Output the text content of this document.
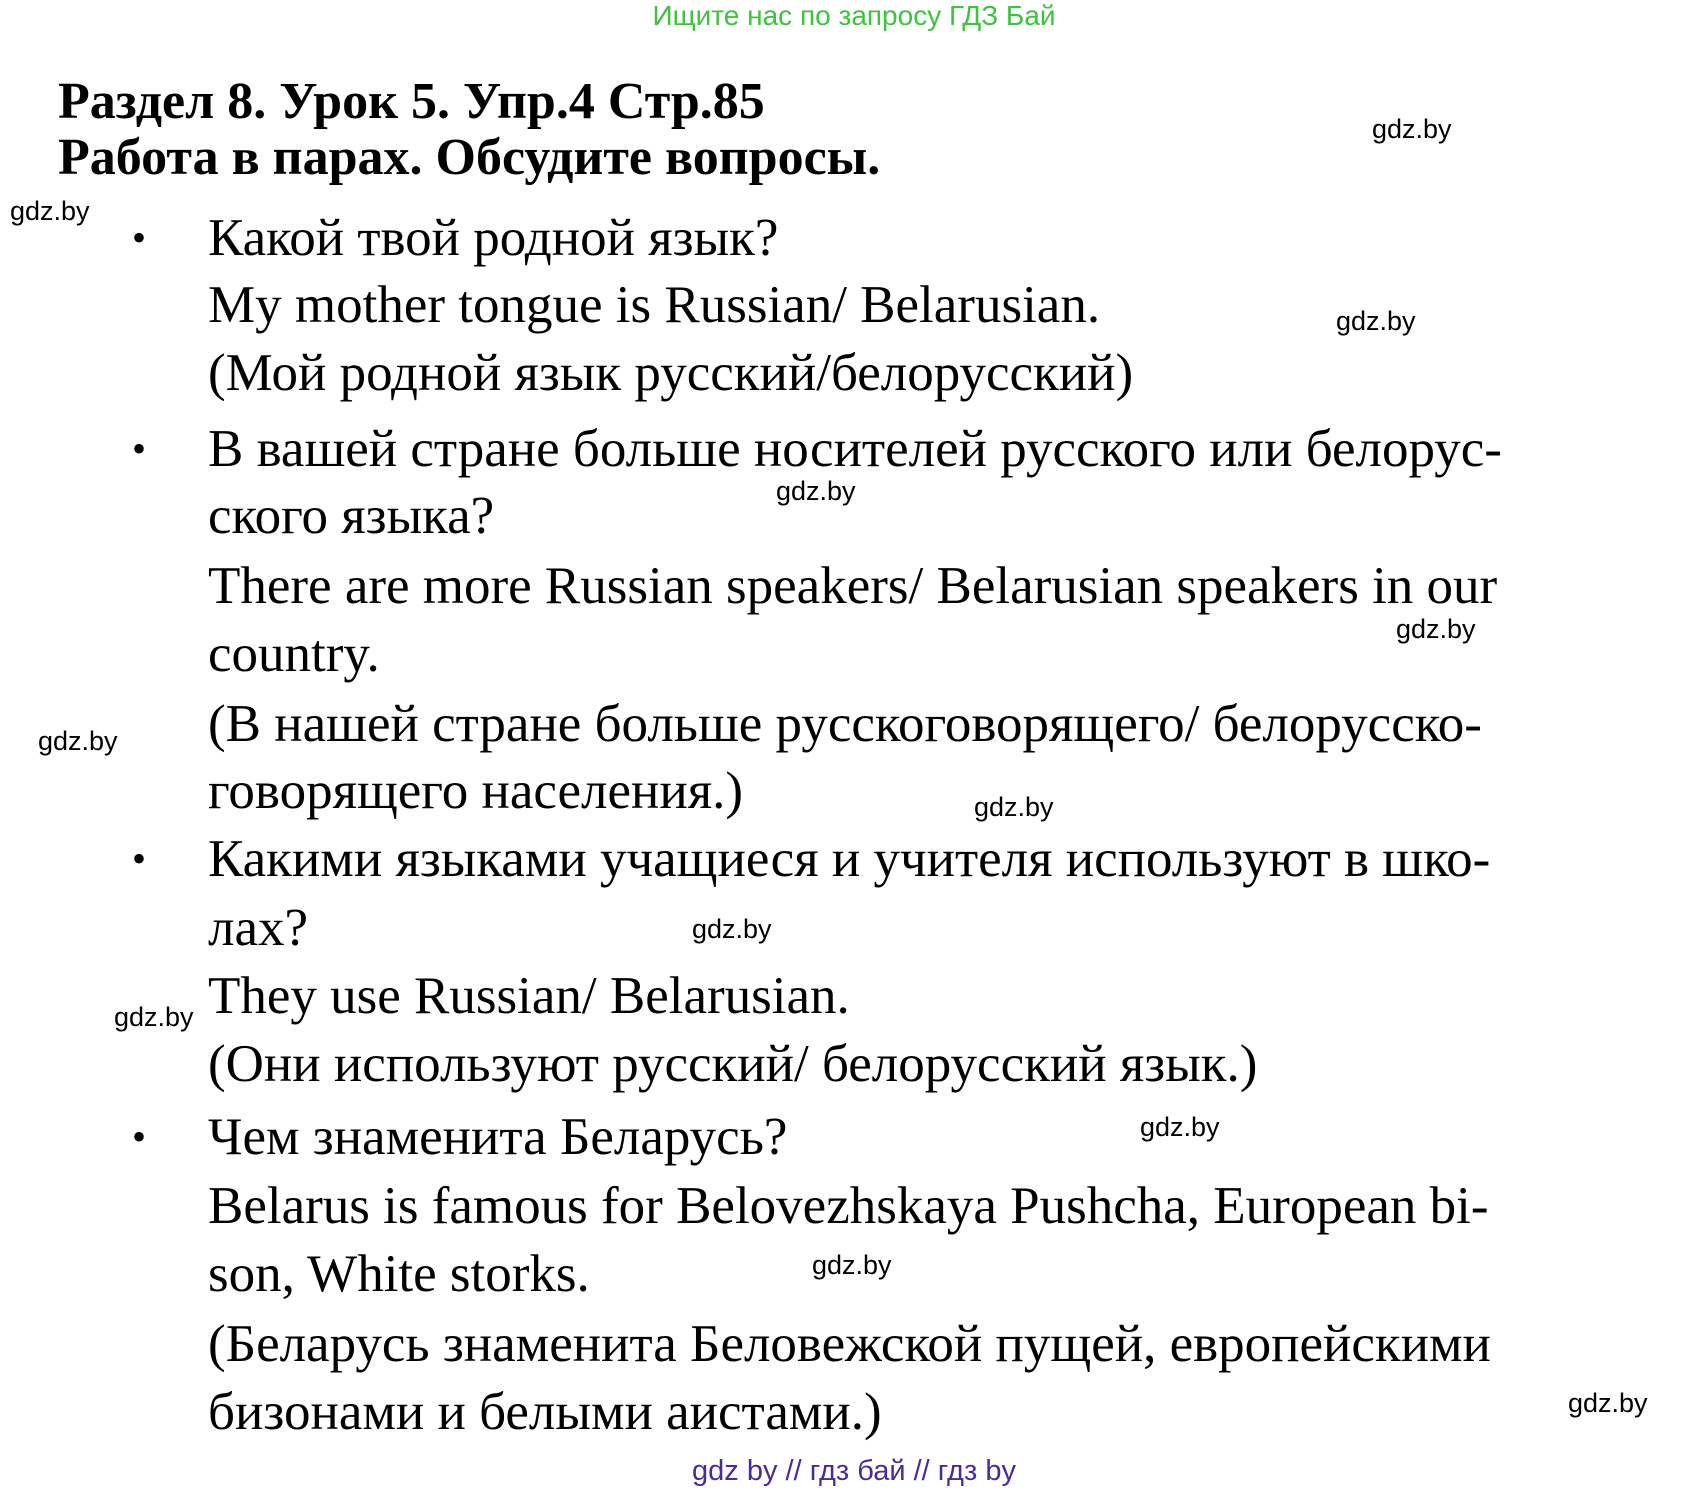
Ищите нас по запросу ГДЗ Бай
Раздел 8. Урок 5. Упр.4 Стр.85
Работа в парах. Обсудите вопросы.
• Какой твой родной язык?
My mother tongue is Russian/ Belarusian.
(Мой родной язык русский/белорусский)
• В вашей стране больше носителей русского или белорус-
ского языка?
There are more Russian speakers/ Belarusian speakers in our
country.
(В нашей стране больше русскоговорящего/ белорусско-
говорящего населения.)
• Какими языками учащиеся и учителя используют в шко-
лах?
They use Russian/ Belarusian.
(Они используют русский/ белорусский язык.)
• Чем знаменита Беларусь?
Belarus is famous for Belovezhskaya Pushcha, European bi-
son, White storks.
(Беларусь знаменита Беловежской пущей, европейскими
бизонами и белыми аистами.)
gdz.by
gdz.by
gdz.by
gdz.by
gdz.by
gdz.by
gdz.by
gdz.by
gdz.by
gdz.by
gdz.by
gdz.by
gdz by // гдз бай // гдз by
